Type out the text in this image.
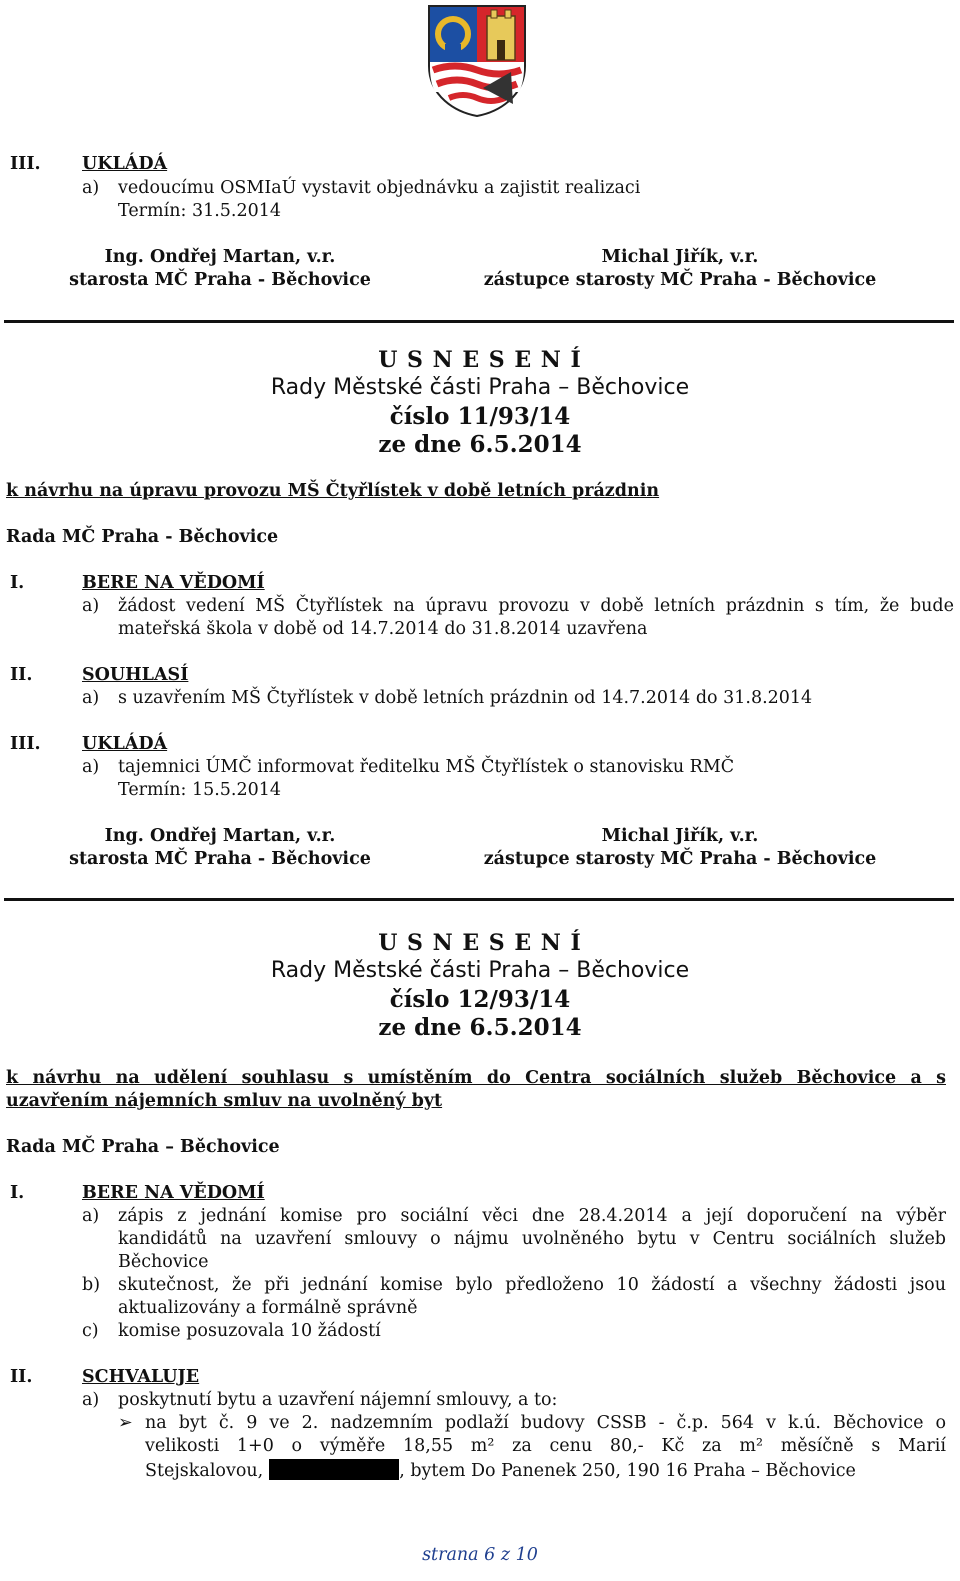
III. UKLÁDÁ
a) vedoucímu OSMIaÚ vystavit objednávku a zajistit realizaci
Termín: 31.5.2014
Ing. Ondřej Martan, v.r.
starosta MČ Praha - Běchovice
Michal Jiřík, v.r.
zástupce starosty MČ Praha - Běchovice
U S N E S E N Í
Rady Městské části Praha – Běchovice
číslo 11/93/14
ze dne 6.5.2014
k návrhu na úpravu provozu MŠ Čtyřlístek v době letních prázdnin
Rada MČ Praha - Běchovice
I.	BERE NA VĚDOMÍ
a) žádost vedení MŠ Čtyřlístek na úpravu provozu v době letních prázdnin s tím, že bude
mateřská škola v době od 14.7.2014 do 31.8.2014 uzavřena
II.	SOUHLASÍ
a) s uzavřením MŠ Čtyřlístek v době letních prázdnin od 14.7.2014 do 31.8.2014
III. UKLÁDÁ
a) tajemnici ÚMČ informovat ředitelku MŠ Čtyřlístek o stanovisku RMČ
Termín: 15.5.2014
Ing. Ondřej Martan, v.r.
starosta MČ Praha - Běchovice
Michal Jiřík, v.r.
zástupce starosty MČ Praha - Běchovice
U S N E S E N Í
Rady Městské části Praha – Běchovice
číslo 12/93/14
ze dne 6.5.2014
k návrhu na udělení souhlasu s umístěním do Centra sociálních služeb Běchovice a s
uzavřením nájemních smluv na uvolněný byt
Rada MČ Praha – Běchovice
I.	BERE NA VĚDOMÍ
a) zápis z jednání komise pro sociální věci dne 28.4.2014 a její doporučení na výběr
kandidátů na uzavření smlouvy o nájmu uvolněného bytu v Centru sociálních služeb
Běchovice
b) skutečnost, že při jednání komise bylo předloženo 10 žádostí a všechny žádosti jsou
aktualizovány a formálně správně
c) komise posuzovala 10 žádostí
II.	SCHVALUJE
a) poskytnutí bytu a uzavření nájemní smlouvy, a to:
➢ na byt č. 9 ve 2. nadzemním podlaží budovy CSSB - č.p. 564 v k.ú. Běchovice o
velikosti 1+0 o výměře 18,55 m² za cenu 80,- Kč za m² měsíčně s Marií
Stejskalovou,	, bytem Do Panenek 250, 190 16 Praha – Běchovice
strana 6 z 10
